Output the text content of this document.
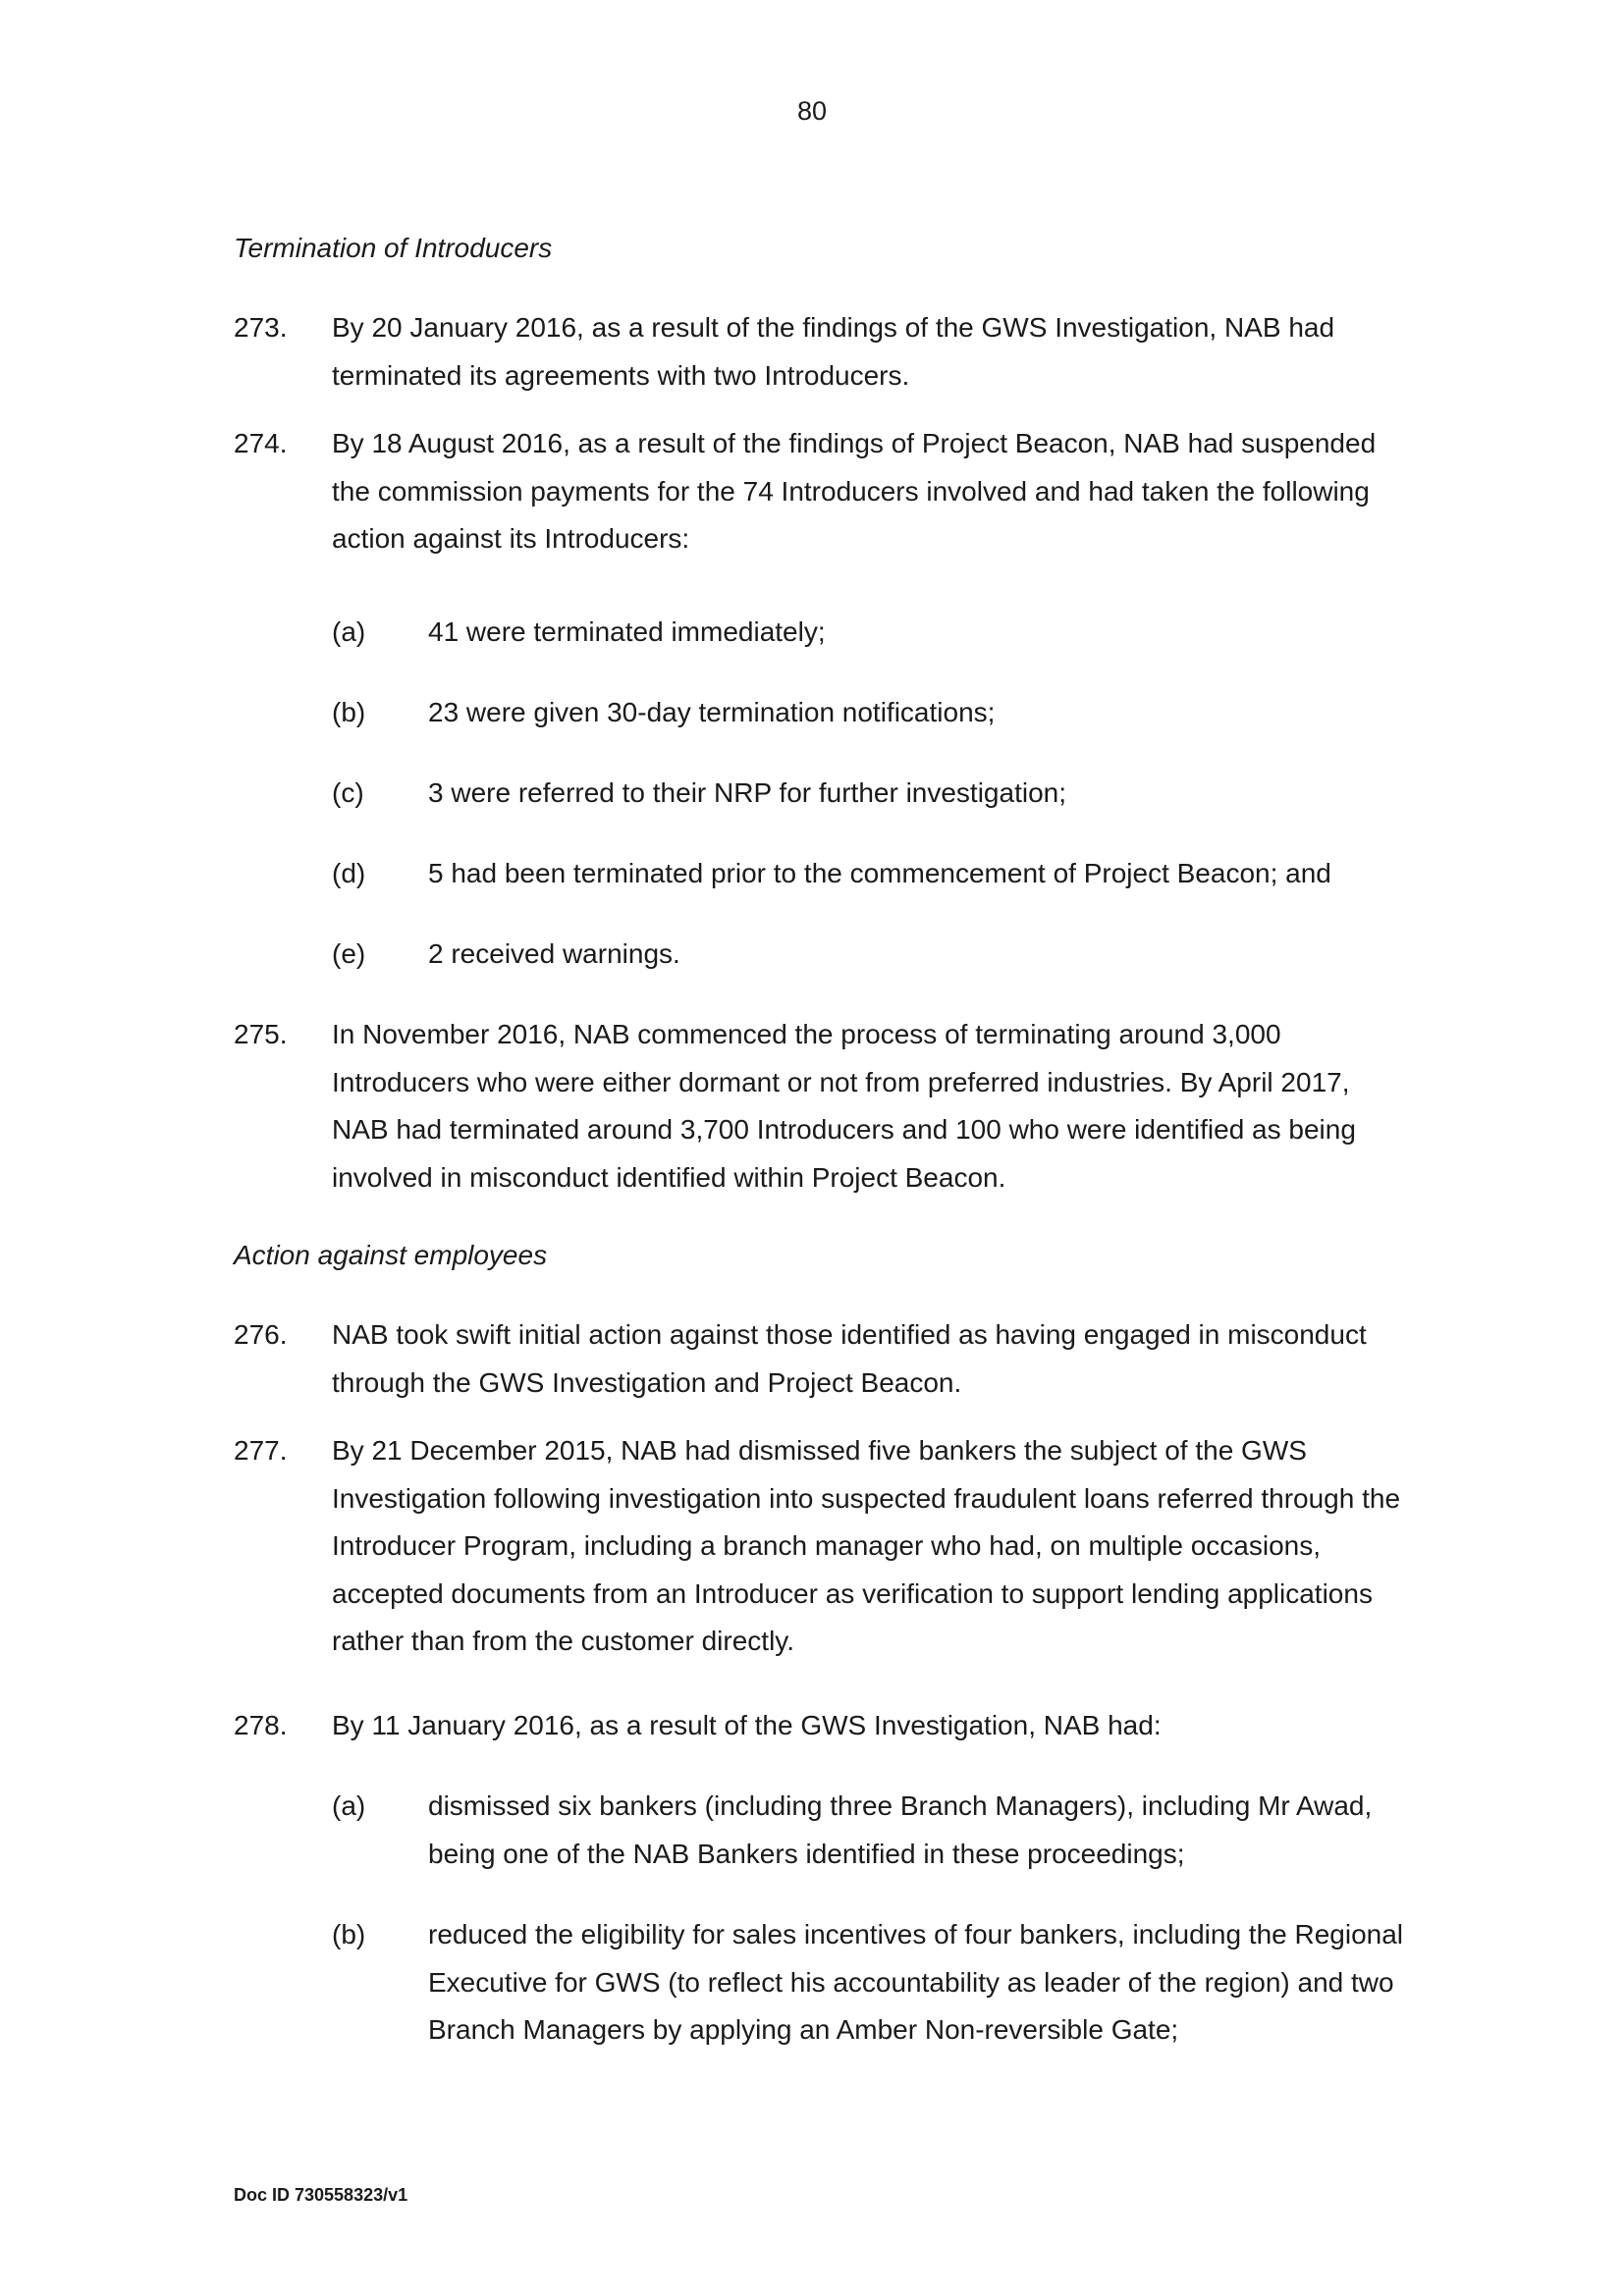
80
Termination of Introducers
273. By 20 January 2016, as a result of the findings of the GWS Investigation, NAB had terminated its agreements with two Introducers.
274. By 18 August 2016, as a result of the findings of Project Beacon, NAB had suspended the commission payments for the 74 Introducers involved and had taken the following action against its Introducers:
(a) 41 were terminated immediately;
(b) 23 were given 30-day termination notifications;
(c) 3 were referred to their NRP for further investigation;
(d) 5 had been terminated prior to the commencement of Project Beacon; and
(e) 2 received warnings.
275. In November 2016, NAB commenced the process of terminating around 3,000 Introducers who were either dormant or not from preferred industries. By April 2017, NAB had terminated around 3,700 Introducers and 100 who were identified as being involved in misconduct identified within Project Beacon.
Action against employees
276. NAB took swift initial action against those identified as having engaged in misconduct through the GWS Investigation and Project Beacon.
277. By 21 December 2015, NAB had dismissed five bankers the subject of the GWS Investigation following investigation into suspected fraudulent loans referred through the Introducer Program, including a branch manager who had, on multiple occasions, accepted documents from an Introducer as verification to support lending applications rather than from the customer directly.
278. By 11 January 2016, as a result of the GWS Investigation, NAB had:
(a) dismissed six bankers (including three Branch Managers), including Mr Awad, being one of the NAB Bankers identified in these proceedings;
(b) reduced the eligibility for sales incentives of four bankers, including the Regional Executive for GWS (to reflect his accountability as leader of the region) and two Branch Managers by applying an Amber Non-reversible Gate;
Doc ID 730558323/v1
